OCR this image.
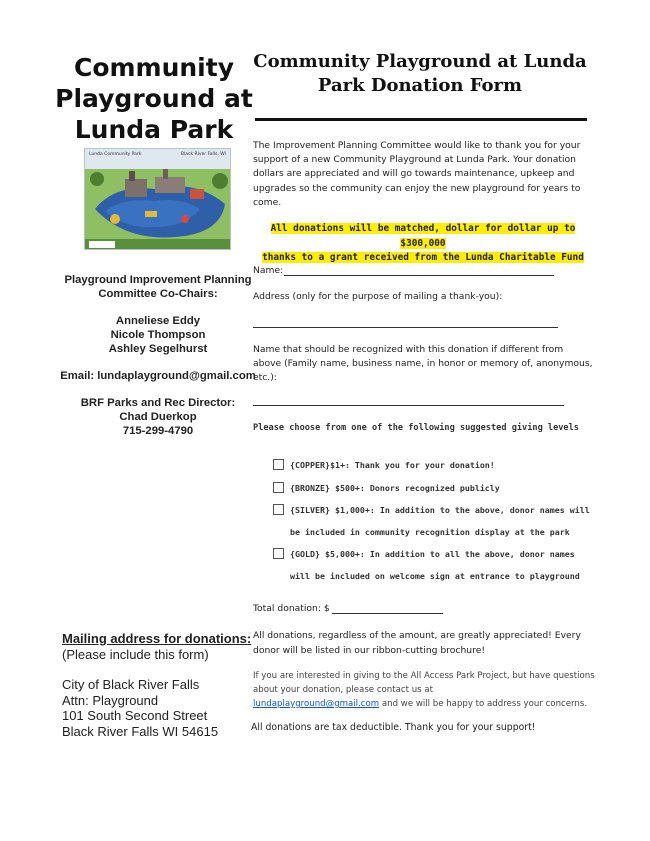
Community Playground at Lunda Park
Lunda Community Park	Black River Falls, WI
Playground Improvement Planning Committee Co-Chairs:
Anneliese Eddy
Nicole Thompson
Ashley Segelhurst
Email: lundaplayground@gmail.com
BRF Parks and Rec Director:
Chad Duerkop
715-299-4790
Mailing address for donations:
(Please include this form)
City of Black River Falls
Attn: Playground
101 South Second Street
Black River Falls WI 54615
Community Playground at Lunda Park Donation Form
The Improvement Planning Committee would like to thank you for your support of a new Community Playground at Lunda Park. Your donation dollars are appreciated and will go towards maintenance, upkeep and upgrades so the community can enjoy the new playground for years to come.
All donations will be matched, dollar for dollar up to $300,000
thanks to a grant received from the Lunda Charitable Fund
Name:
Address (only for the purpose of mailing a thank-you):
Name that should be recognized with this donation if different from above (Family name, business name, in honor or memory of, anonymous, etc.):
Please choose from one of the following suggested giving levels
{COPPER}$1+: Thank you for your donation!
{BRONZE} $500+: Donors recognized publicly
{SILVER} $1,000+: In addition to the above, donor names will
be included in community recognition display at the park
{GOLD} $5,000+: In addition to all the above, donor names
will be included on welcome sign at entrance to playground
Total donation: $
All donations, regardless of the amount, are greatly appreciated! Every donor will be listed in our ribbon-cutting brochure!
If you are interested in giving to the All Access Park Project, but have questions about your donation, please contact us at
lundaplayground@gmail.com and we will be happy to address your concerns.
All donations are tax deductible. Thank you for your support!
